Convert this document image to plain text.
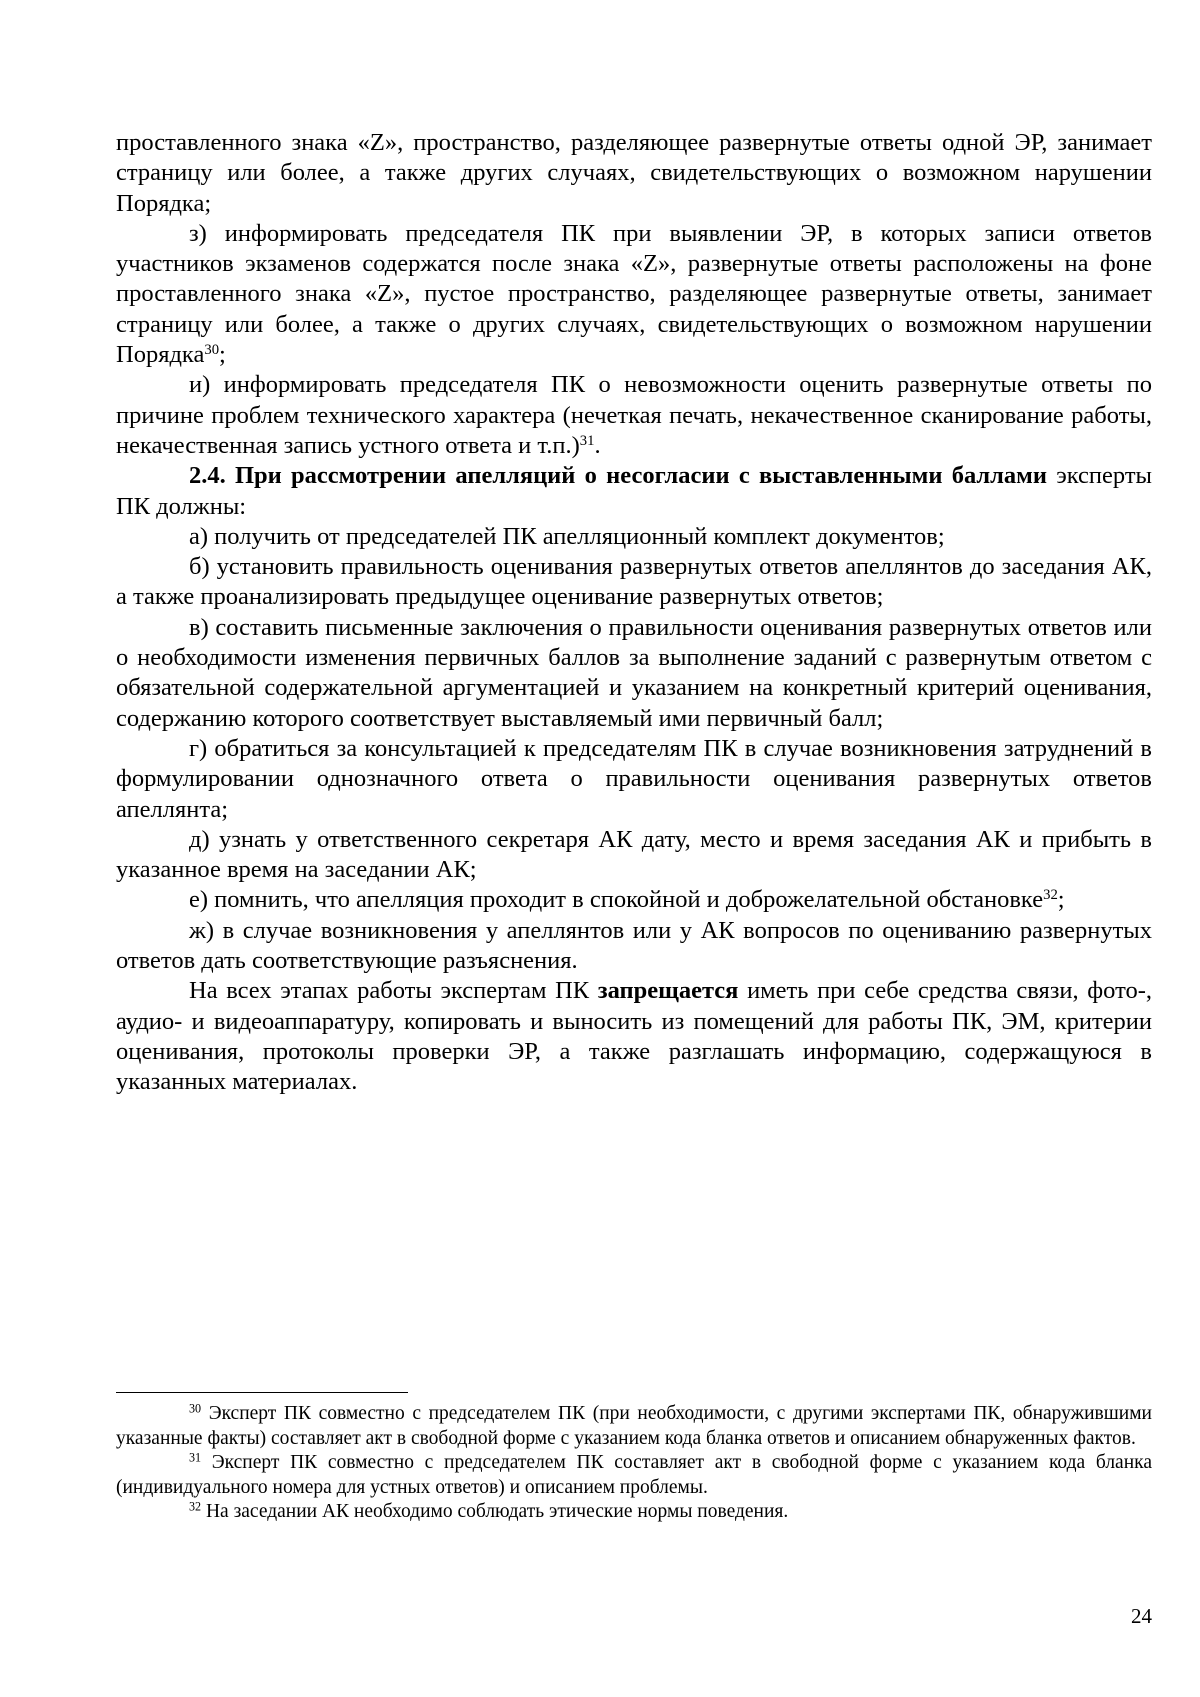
проставленного знака «Z», пространство, разделяющее развернутые ответы одной ЭР, занимает страницу или более, а также других случаях, свидетельствующих о возможном нарушении Порядка;

з) информировать председателя ПК при выявлении ЭР, в которых записи ответов участников экзаменов содержатся после знака «Z», развернутые ответы расположены на фоне проставленного знака «Z», пустое пространство, разделяющее развернутые ответы, занимает страницу или более, а также о других случаях, свидетельствующих о возможном нарушении Порядка$^{30}$;

и) информировать председателя ПК о невозможности оценить развернутые ответы по причине проблем технического характера (нечеткая печать, некачественное сканирование работы, некачественная запись устного ответа и т.п.)$^{31}$.

2.4. При рассмотрении апелляций о несогласии с выставленными баллами эксперты ПК должны:

а) получить от председателей ПК апелляционный комплект документов;

б) установить правильность оценивания развернутых ответов апеллянтов до заседания АК, а также проанализировать предыдущее оценивание развернутых ответов;

в) составить письменные заключения о правильности оценивания развернутых ответов или о необходимости изменения первичных баллов за выполнение заданий с развернутым ответом с обязательной содержательной аргументацией и указанием на конкретный критерий оценивания, содержанию которого соответствует выставляемый ими первичный балл;

г) обратиться за консультацией к председателям ПК в случае возникновения затруднений в формулировании однозначного ответа о правильности оценивания развернутых ответов апеллянта;

д) узнать у ответственного секретаря АК дату, место и время заседания АК и прибыть в указанное время на заседании АК;

е) помнить, что апелляция проходит в спокойной и доброжелательной обстановке$^{32}$;

ж) в случае возникновения у апеллянтов или у АК вопросов по оцениванию развернутых ответов дать соответствующие разъяснения.

На всех этапах работы экспертам ПК запрещается иметь при себе средства связи, фото-, аудио- и видеоаппаратуру, копировать и выносить из помещений для работы ПК, ЭМ, критерии оценивания, протоколы проверки ЭР, а также разглашать информацию, содержащуюся в указанных материалах.

$^{30}$ Эксперт ПК совместно с председателем ПК (при необходимости, с другими экспертами ПК, обнаружившими указанные факты) составляет акт в свободной форме с указанием кода бланка ответов и описанием обнаруженных фактов.

$^{31}$ Эксперт ПК совместно с председателем ПК составляет акт в свободной форме с указанием кода бланка (индивидуального номера для устных ответов) и описанием проблемы.

$^{32}$ На заседании АК необходимо соблюдать этические нормы поведения.

24
